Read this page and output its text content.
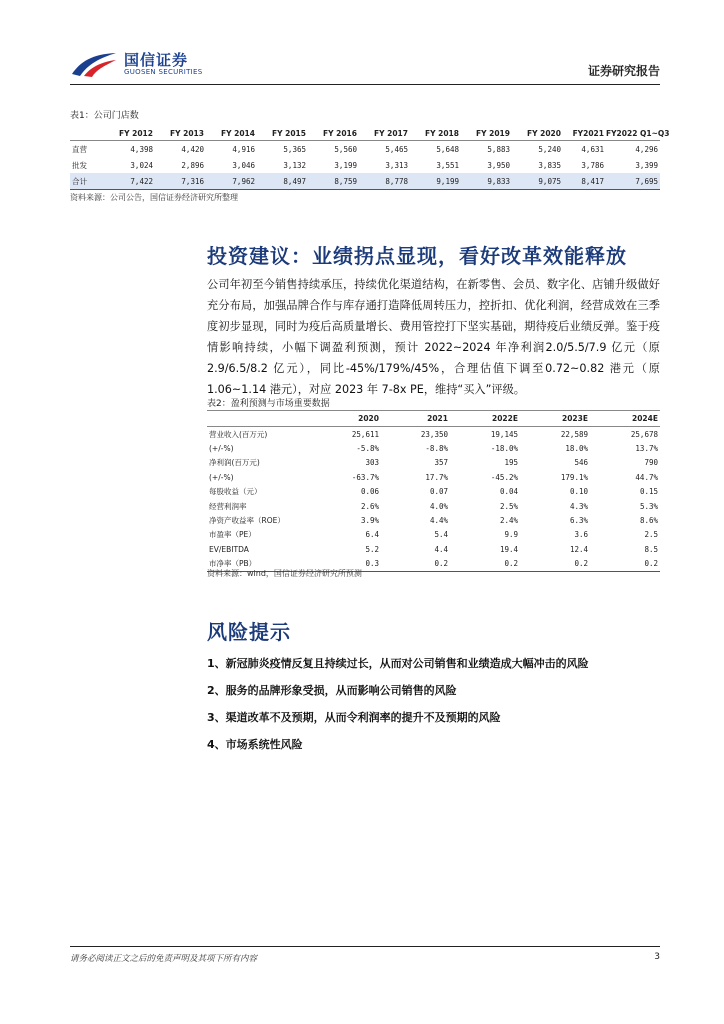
国信证券
GUOSEN SECURITIES	证券研究报告
表1：公司门店数
	FY 2012	FY 2013	FY 2014	FY 2015	FY 2016	FY 2017	FY 2018	FY 2019	FY 2020	FY2021	FY2022 Q1~Q3
直营	4,398	4,420	4,916	5,365	5,560	5,465	5,648	5,883	5,240	4,631	4,296
批发	3,024	2,896	3,046	3,132	3,199	3,313	3,551	3,950	3,835	3,786	3,399
合计	7,422	7,316	7,962	8,497	8,759	8,778	9,199	9,833	9,075	8,417	7,695
资料来源：公司公告，国信证券经济研究所整理
投资建议：业绩拐点显现，看好改革效能释放
公司年初至今销售持续承压，持续优化渠道结构，在新零售、会员、数字化、店铺升级做好充分布局，加强品牌合作与库存通打造降低周转压力，控折扣、优化利润，经营成效在三季度初步显现，同时为疫后高质量增长、费用管控打下坚实基础，期待疫后业绩反弹。鉴于疫情影响持续，小幅下调盈利预测，预计 2022~2024 年净利润2.0/5.5/7.9 亿元（原 2.9/6.5/8.2 亿元），同比-45%/179%/45%，合理估值下调至0.72~0.82 港元（原 1.06~1.14 港元），对应 2023 年 7-8x PE，维持“买入”评级。
表2：盈利预测与市场重要数据
	2020	2021	2022E	2023E	2024E
营业收入(百万元)	25,611	23,350	19,145	22,589	25,678
(+/-%)	-5.8%	-8.8%	-18.0%	18.0%	13.7%
净利润(百万元)	303	357	195	546	790
(+/-%)	-63.7%	17.7%	-45.2%	179.1%	44.7%
每股收益（元）	0.06	0.07	0.04	0.10	0.15
经营利润率	2.6%	4.0%	2.5%	4.3%	5.3%
净资产收益率（ROE）	3.9%	4.4%	2.4%	6.3%	8.6%
市盈率（PE）	6.4	5.4	9.9	3.6	2.5
EV/EBITDA	5.2	4.4	19.4	12.4	8.5
市净率（PB）	0.3	0.2	0.2	0.2	0.2
资料来源：wind，国信证券经济研究所预测
风险提示
1、新冠肺炎疫情反复且持续过长，从而对公司销售和业绩造成大幅冲击的风险
2、服务的品牌形象受损，从而影响公司销售的风险
3、渠道改革不及预期，从而令利润率的提升不及预期的风险
4、市场系统性风险
请务必阅读正文之后的免责声明及其项下所有内容	3
